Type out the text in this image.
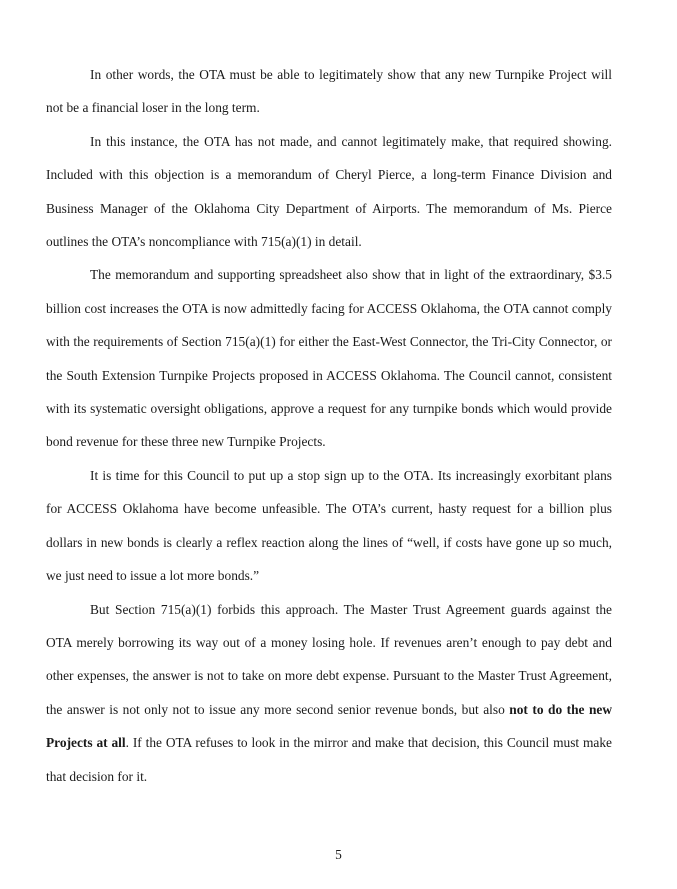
In other words, the OTA must be able to legitimately show that any new Turnpike Project will not be a financial loser in the long term.

In this instance, the OTA has not made, and cannot legitimately make, that required showing. Included with this objection is a memorandum of Cheryl Pierce, a long-term Finance Division and Business Manager of the Oklahoma City Department of Airports. The memorandum of Ms. Pierce outlines the OTA’s noncompliance with 715(a)(1) in detail.

The memorandum and supporting spreadsheet also show that in light of the extraordinary, $3.5 billion cost increases the OTA is now admittedly facing for ACCESS Oklahoma, the OTA cannot comply with the requirements of Section 715(a)(1) for either the East-West Connector, the Tri-City Connector, or the South Extension Turnpike Projects proposed in ACCESS Oklahoma. The Council cannot, consistent with its systematic oversight obligations, approve a request for any turnpike bonds which would provide bond revenue for these three new Turnpike Projects.

It is time for this Council to put up a stop sign up to the OTA. Its increasingly exorbitant plans for ACCESS Oklahoma have become unfeasible. The OTA’s current, hasty request for a billion plus dollars in new bonds is clearly a reflex reaction along the lines of “well, if costs have gone up so much, we just need to issue a lot more bonds.”

But Section 715(a)(1) forbids this approach. The Master Trust Agreement guards against the OTA merely borrowing its way out of a money losing hole. If revenues aren’t enough to pay debt and other expenses, the answer is not to take on more debt expense. Pursuant to the Master Trust Agreement, the answer is not only not to issue any more second senior revenue bonds, but also not to do the new Projects at all. If the OTA refuses to look in the mirror and make that decision, this Council must make that decision for it.

5
